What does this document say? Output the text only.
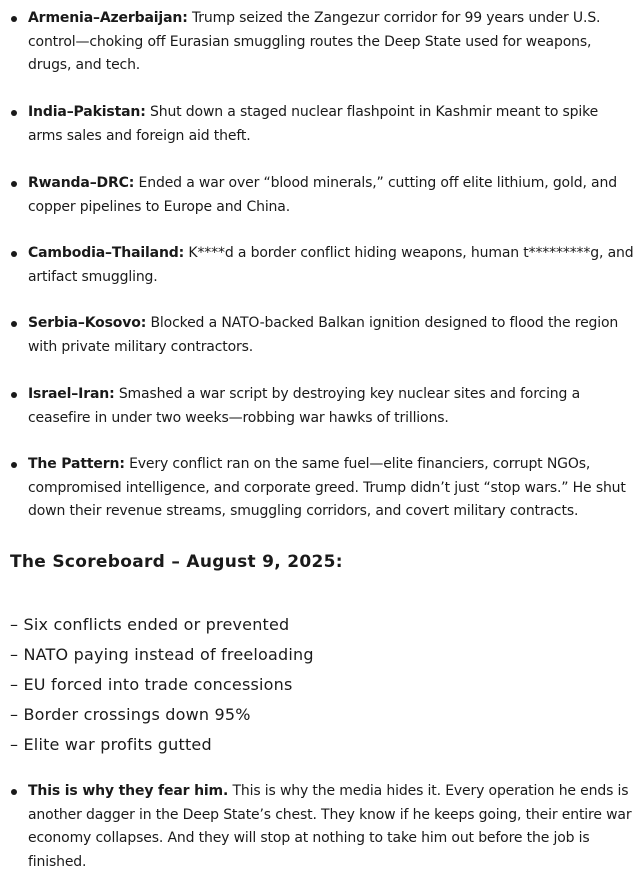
Armenia–Azerbaijan: Trump seized the Zangezur corridor for 99 years under U.S. control—choking off Eurasian smuggling routes the Deep State used for weapons, drugs, and tech.
India–Pakistan: Shut down a staged nuclear flashpoint in Kashmir meant to spike arms sales and foreign aid theft.
Rwanda–DRC: Ended a war over “blood minerals,” cutting off elite lithium, gold, and copper pipelines to Europe and China.
Cambodia–Thailand: K****d a border conflict hiding weapons, human t*********g, and artifact smuggling.
Serbia–Kosovo: Blocked a NATO-backed Balkan ignition designed to flood the region with private military contractors.
Israel–Iran: Smashed a war script by destroying key nuclear sites and forcing a ceasefire in under two weeks—robbing war hawks of trillions.
The Pattern: Every conflict ran on the same fuel—elite financiers, corrupt NGOs, compromised intelligence, and corporate greed. Trump didn’t just “stop wars.” He shut down their revenue streams, smuggling corridors, and covert military contracts.
The Scoreboard – August 9, 2025:
– Six conflicts ended or prevented
– NATO paying instead of freeloading
– EU forced into trade concessions
– Border crossings down 95%
– Elite war profits gutted
This is why they fear him. This is why the media hides it. Every operation he ends is another dagger in the Deep State’s chest. They know if he keeps going, their entire war economy collapses. And they will stop at nothing to take him out before the job is finished.
